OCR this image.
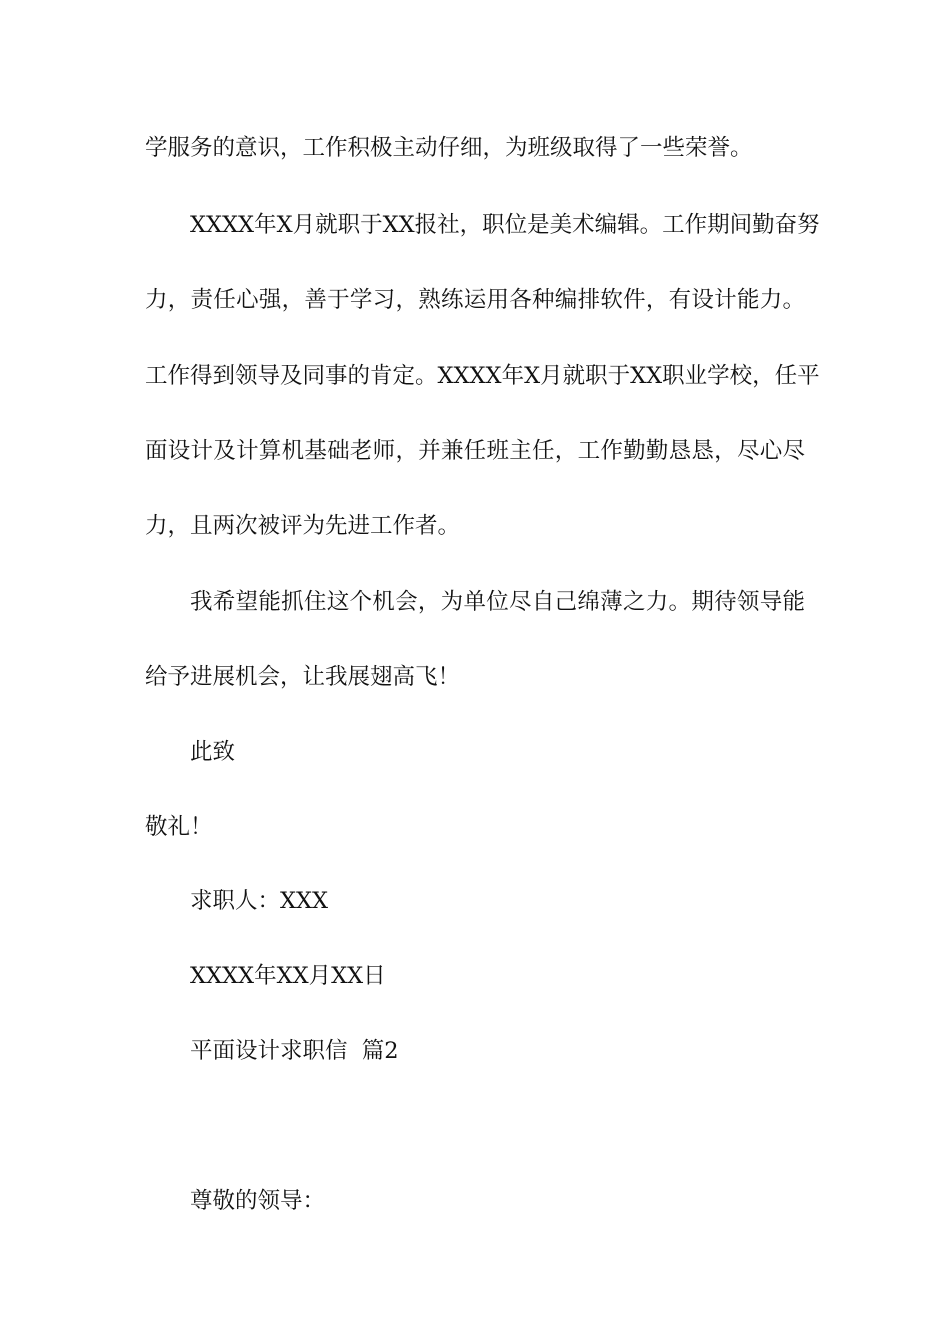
学服务的意识，工作积极主动仔细，为班级取得了一些荣誉。
XXXX年X月就职于XX报社，职位是美术编辑。工作期间勤奋努
力，责任心强，善于学习，熟练运用各种编排软件，有设计能力。
工作得到领导及同事的肯定。XXXX年X月就职于XX职业学校，任平
面设计及计算机基础老师，并兼任班主任，工作勤勤恳恳，尽心尽
力，且两次被评为先进工作者。
我希望能抓住这个机会，为单位尽自己绵薄之力。期待领导能
给予进展机会，让我展翅高飞！
此致
敬礼！
求职人：XXX
XXXX年XX月XX日
平面设计求职信  篇2
尊敬的领导：
